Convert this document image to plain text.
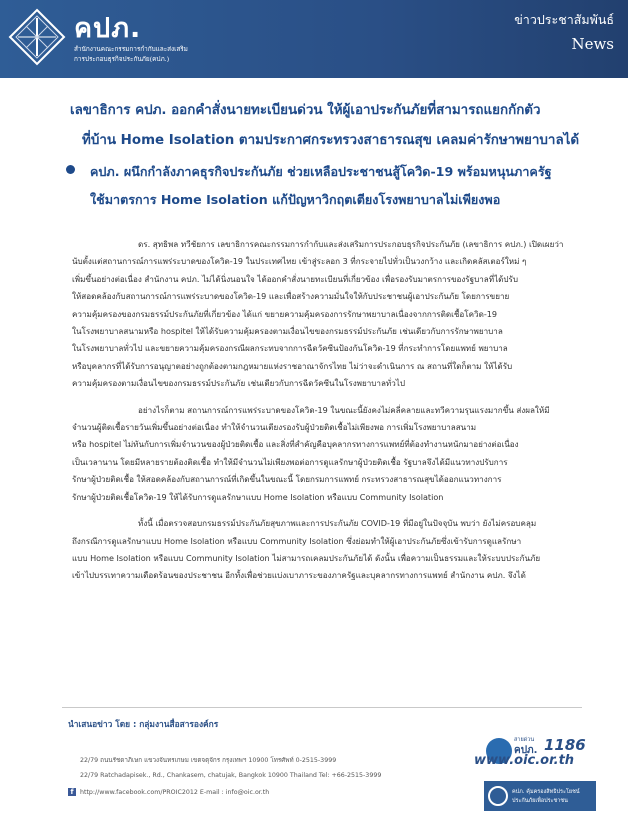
คปภ.
สำนักงานคณะกรรมการกำกับและส่งเสริม
การประกอบธุรกิจประกันภัย(คปภ.)
ข่าวประชาสัมพันธ์
News
เลขาธิการ คปภ. ออกคำสั่งนายทะเบียนด่วน ให้ผู้เอาประกันภัยที่สามารถแยกกักตัว
ที่บ้าน Home Isolation ตามประกาศกระทรวงสาธารณสุข เคลมค่ารักษาพยาบาลได้
คปภ. ผนึกกำลังภาคธุรกิจประกันภัย ช่วยเหลือประชาชนสู้โควิด-19 พร้อมหนุนภาครัฐ
ใช้มาตรการ Home Isolation แก้ปัญหาวิกฤตเตียงโรงพยาบาลไม่เพียงพอ
ดร. สุทธิพล ทวีชัยการ เลขาธิการคณะกรรมการกำกับและส่งเสริมการประกอบธุรกิจประกันภัย (เลขาธิการ คปภ.) เปิดเผยว่า
นับตั้งแต่สถานการณ์การแพร่ระบาดของโควิด-19 ในประเทศไทย เข้าสู่ระลอก 3 ที่กระจายไปทั่วเป็นวงกว้าง และเกิดคลัสเตอร์ใหม่ ๆ
เพิ่มขึ้นอย่างต่อเนื่อง สำนักงาน คปภ. ไม่ได้นิ่งนอนใจ ได้ออกคำสั่งนายทะเบียนที่เกี่ยวข้อง เพื่อรองรับมาตรการของรัฐบาลที่ได้ปรับ
ให้สอดคล้องกับสถานการณ์การแพร่ระบาดของโควิด-19 และเพื่อสร้างความมั่นใจให้กับประชาชนผู้เอาประกันภัย โดยการขยาย
ความคุ้มครองของกรมธรรม์ประกันภัยที่เกี่ยวข้อง ได้แก่ ขยายความคุ้มครองการรักษาพยาบาลเนื่องจากการติดเชื้อโควิด-19
ในโรงพยาบาลสนามหรือ hospitel ให้ได้รับความคุ้มครองตามเงื่อนไขของกรมธรรม์ประกันภัย เช่นเดียวกับการรักษาพยาบาล
ในโรงพยาบาลทั่วไป และขยายความคุ้มครองกรณีผลกระทบจากการฉีดวัคซีนป้องกันโควิด-19 ที่กระทำการโดยแพทย์ พยาบาล
หรือบุคลากรที่ได้รับการอนุญาตอย่างถูกต้องตามกฎหมายแห่งราชอาณาจักรไทย ไม่ว่าจะดำเนินการ ณ สถานที่ใดก็ตาม ให้ได้รับ
ความคุ้มครองตามเงื่อนไขของกรมธรรม์ประกันภัย เช่นเดียวกับการฉีดวัคซีนในโรงพยาบาลทั่วไป
อย่างไรก็ตาม สถานการณ์การแพร่ระบาดของโควิด-19 ในขณะนี้ยังคงไม่คลี่คลายและทวีความรุนแรงมากขึ้น ส่งผลให้มี
จำนวนผู้ติดเชื้อรายวันเพิ่มขึ้นอย่างต่อเนื่อง ทำให้จำนวนเตียงรองรับผู้ป่วยติดเชื้อไม่เพียงพอ การเพิ่มโรงพยาบาลสนาม
หรือ hospitel ไม่ทันกับการเพิ่มจำนวนของผู้ป่วยติดเชื้อ และสิ่งที่สำคัญคือบุคลากรทางการแพทย์ที่ต้องทำงานหนักมาอย่างต่อเนื่อง
เป็นเวลานาน โดยมีหลายรายต้องติดเชื้อ ทำให้มีจำนวนไม่เพียงพอต่อการดูแลรักษาผู้ป่วยติดเชื้อ รัฐบาลจึงได้มีแนวทางปรับการ
รักษาผู้ป่วยติดเชื้อ ให้สอดคล้องกับสถานการณ์ที่เกิดขึ้นในขณะนี้ โดยกรมการแพทย์ กระทรวงสาธารณสุขได้ออกแนวทางการ
รักษาผู้ป่วยติดเชื้อโควิด-19 ให้ได้รับการดูแลรักษาแบบ Home Isolation หรือแบบ Community Isolation
ทั้งนี้ เมื่อตรวจสอบกรมธรรม์ประกันภัยสุขภาพและการประกันภัย COVID-19 ที่มีอยู่ในปัจจุบัน พบว่า ยังไม่ครอบคลุม
ถึงกรณีการดูแลรักษาแบบ Home Isolation หรือแบบ Community Isolation ซึ่งย่อมทำให้ผู้เอาประกันภัยซึ่งเข้ารับการดูแลรักษา
แบบ Home Isolation หรือแบบ Community Isolation ไม่สามารถเคลมประกันภัยได้ ดังนั้น เพื่อความเป็นธรรมและให้ระบบประกันภัย
เข้าไปบรรเทาความเดือดร้อนของประชาชน อีกทั้งเพื่อช่วยแบ่งเบาภาระของภาครัฐและบุคลากรทางการแพทย์ สำนักงาน คปภ. จึงได้
นำเสนอข่าว โดย : กลุ่มงานสื่อสารองค์กร
22/79 ถนนรัชดาภิเษก แขวงจันทรเกษม เขตจตุจักร กรุงเทพฯ 10900 โทรศัพท์ 0-2515-3999
22/79 Ratchadapisek., Rd., Chankasem, chatujak, Bangkok 10900 Thailand Tel: +66-2515-3999
f http://www.facebook.com/PROIC2012 E-mail : info@oic.or.th
สายด่วน
คปภ. 1186
www.oic.or.th
คปภ. คุ้มครองสิทธิประโยชน์
ประกันภัยเพื่อประชาชน
